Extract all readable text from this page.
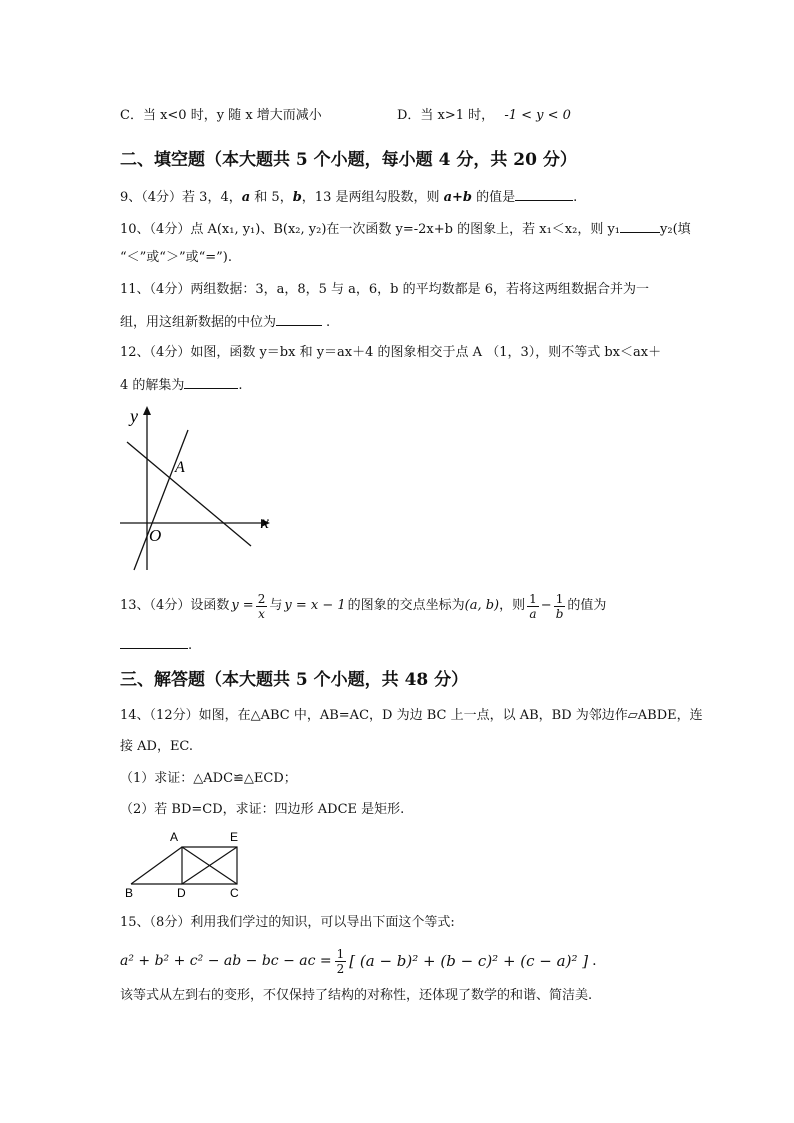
C．当 x<0 时，y 随 x 增大而减小	D．当 x>1 时， -1 < y < 0
二、填空题（本大题共 5 个小题，每小题 4 分，共 20 分）
9、（4分）若 3，4，a 和 5，b，13 是两组勾股数，则 a+b 的值是	.
10、（4分）点 A(x₁, y₁)、B(x₂, y₂)在一次函数 y=-2x+b 的图象上，若 x₁＜x₂，则 y₁	y₂(填
“＜”或“＞”或“=”).
11、（4分）两组数据：3，a，8，5 与 a，6，b 的平均数都是 6，若将这两组数据合并为一
组，用这组新数据的中位为	.
12、（4分）如图，函数 y＝bx 和 y＝ax＋4 的图象相交于点 A （1，3），则不等式 bx＜ax＋
4 的解集为	.
y
x
O
A
13、（4分）设函数 $y = \frac{2}{x}$ 与 y = x − 1 的图象的交点坐标为 (a, b) ，则 $\frac{1}{a} - \frac{1}{b}$ 的值为
.
三、解答题（本大题共 5 个小题，共 48 分）
14、（12分）如图，在△ABC 中，AB=AC，D 为边 BC 上一点，以 AB，BD 为邻边作▱ABDE，连
接 AD，EC.
（1）求证：△ADC≌△ECD；
（2）若 BD=CD，求证：四边形 ADCE 是矩形.
A	E
B	D	C
15、（8分）利用我们学过的知识，可以导出下面这个等式:
a² + b² + c² − ab − bc − ac = $\frac{1}{2}$ [ (a − b)² + (b − c)² + (c − a)² ] .
该等式从左到右的变形，不仅保持了结构的对称性，还体现了数学的和谐、简洁美.
